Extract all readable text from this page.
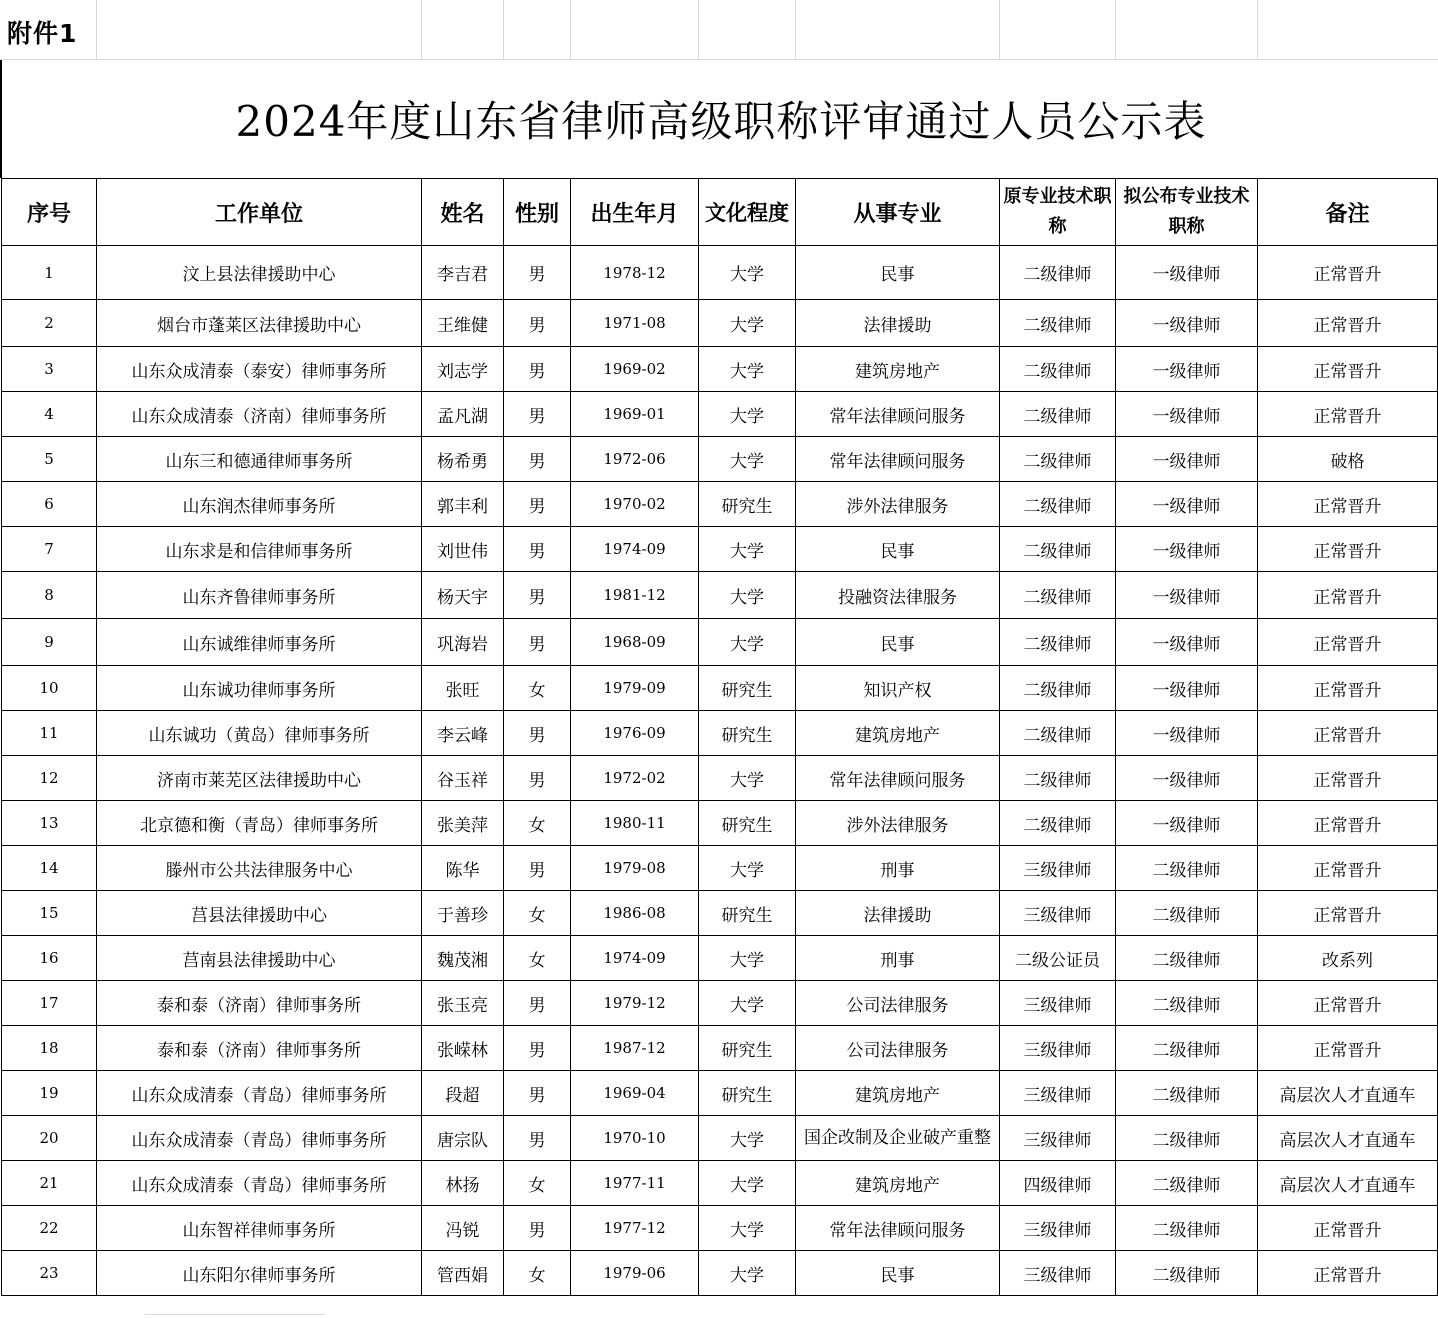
附件1
2024年度山东省律师高级职称评审通过人员公示表
序号	工作单位	姓名	性别	出生年月	文化程度	从事专业	原专业技术职称	拟公布专业技术职称	备注
1	汶上县法律援助中心	李吉君	男	1978-12	大学	民事	二级律师	一级律师	正常晋升
2	烟台市蓬莱区法律援助中心	王维健	男	1971-08	大学	法律援助	二级律师	一级律师	正常晋升
3	山东众成清泰（泰安）律师事务所	刘志学	男	1969-02	大学	建筑房地产	二级律师	一级律师	正常晋升
4	山东众成清泰（济南）律师事务所	孟凡湖	男	1969-01	大学	常年法律顾问服务	二级律师	一级律师	正常晋升
5	山东三和德通律师事务所	杨希勇	男	1972-06	大学	常年法律顾问服务	二级律师	一级律师	破格
6	山东润杰律师事务所	郭丰利	男	1970-02	研究生	涉外法律服务	二级律师	一级律师	正常晋升
7	山东求是和信律师事务所	刘世伟	男	1974-09	大学	民事	二级律师	一级律师	正常晋升
8	山东齐鲁律师事务所	杨天宇	男	1981-12	大学	投融资法律服务	二级律师	一级律师	正常晋升
9	山东诚维律师事务所	巩海岩	男	1968-09	大学	民事	二级律师	一级律师	正常晋升
10	山东诚功律师事务所	张旺	女	1979-09	研究生	知识产权	二级律师	一级律师	正常晋升
11	山东诚功（黄岛）律师事务所	李云峰	男	1976-09	研究生	建筑房地产	二级律师	一级律师	正常晋升
12	济南市莱芜区法律援助中心	谷玉祥	男	1972-02	大学	常年法律顾问服务	二级律师	一级律师	正常晋升
13	北京德和衡（青岛）律师事务所	张美萍	女	1980-11	研究生	涉外法律服务	二级律师	一级律师	正常晋升
14	滕州市公共法律服务中心	陈华	男	1979-08	大学	刑事	三级律师	二级律师	正常晋升
15	莒县法律援助中心	于善珍	女	1986-08	研究生	法律援助	三级律师	二级律师	正常晋升
16	莒南县法律援助中心	魏茂湘	女	1974-09	大学	刑事	二级公证员	二级律师	改系列
17	泰和泰（济南）律师事务所	张玉亮	男	1979-12	大学	公司法律服务	三级律师	二级律师	正常晋升
18	泰和泰（济南）律师事务所	张嵘林	男	1987-12	研究生	公司法律服务	三级律师	二级律师	正常晋升
19	山东众成清泰（青岛）律师事务所	段超	男	1969-04	研究生	建筑房地产	三级律师	二级律师	高层次人才直通车
20	山东众成清泰（青岛）律师事务所	唐宗队	男	1970-10	大学	国企改制及企业破产重整	三级律师	二级律师	高层次人才直通车
21	山东众成清泰（青岛）律师事务所	林扬	女	1977-11	大学	建筑房地产	四级律师	二级律师	高层次人才直通车
22	山东智祥律师事务所	冯锐	男	1977-12	大学	常年法律顾问服务	三级律师	二级律师	正常晋升
23	山东阳尔律师事务所	管西娟	女	1979-06	大学	民事	三级律师	二级律师	正常晋升
